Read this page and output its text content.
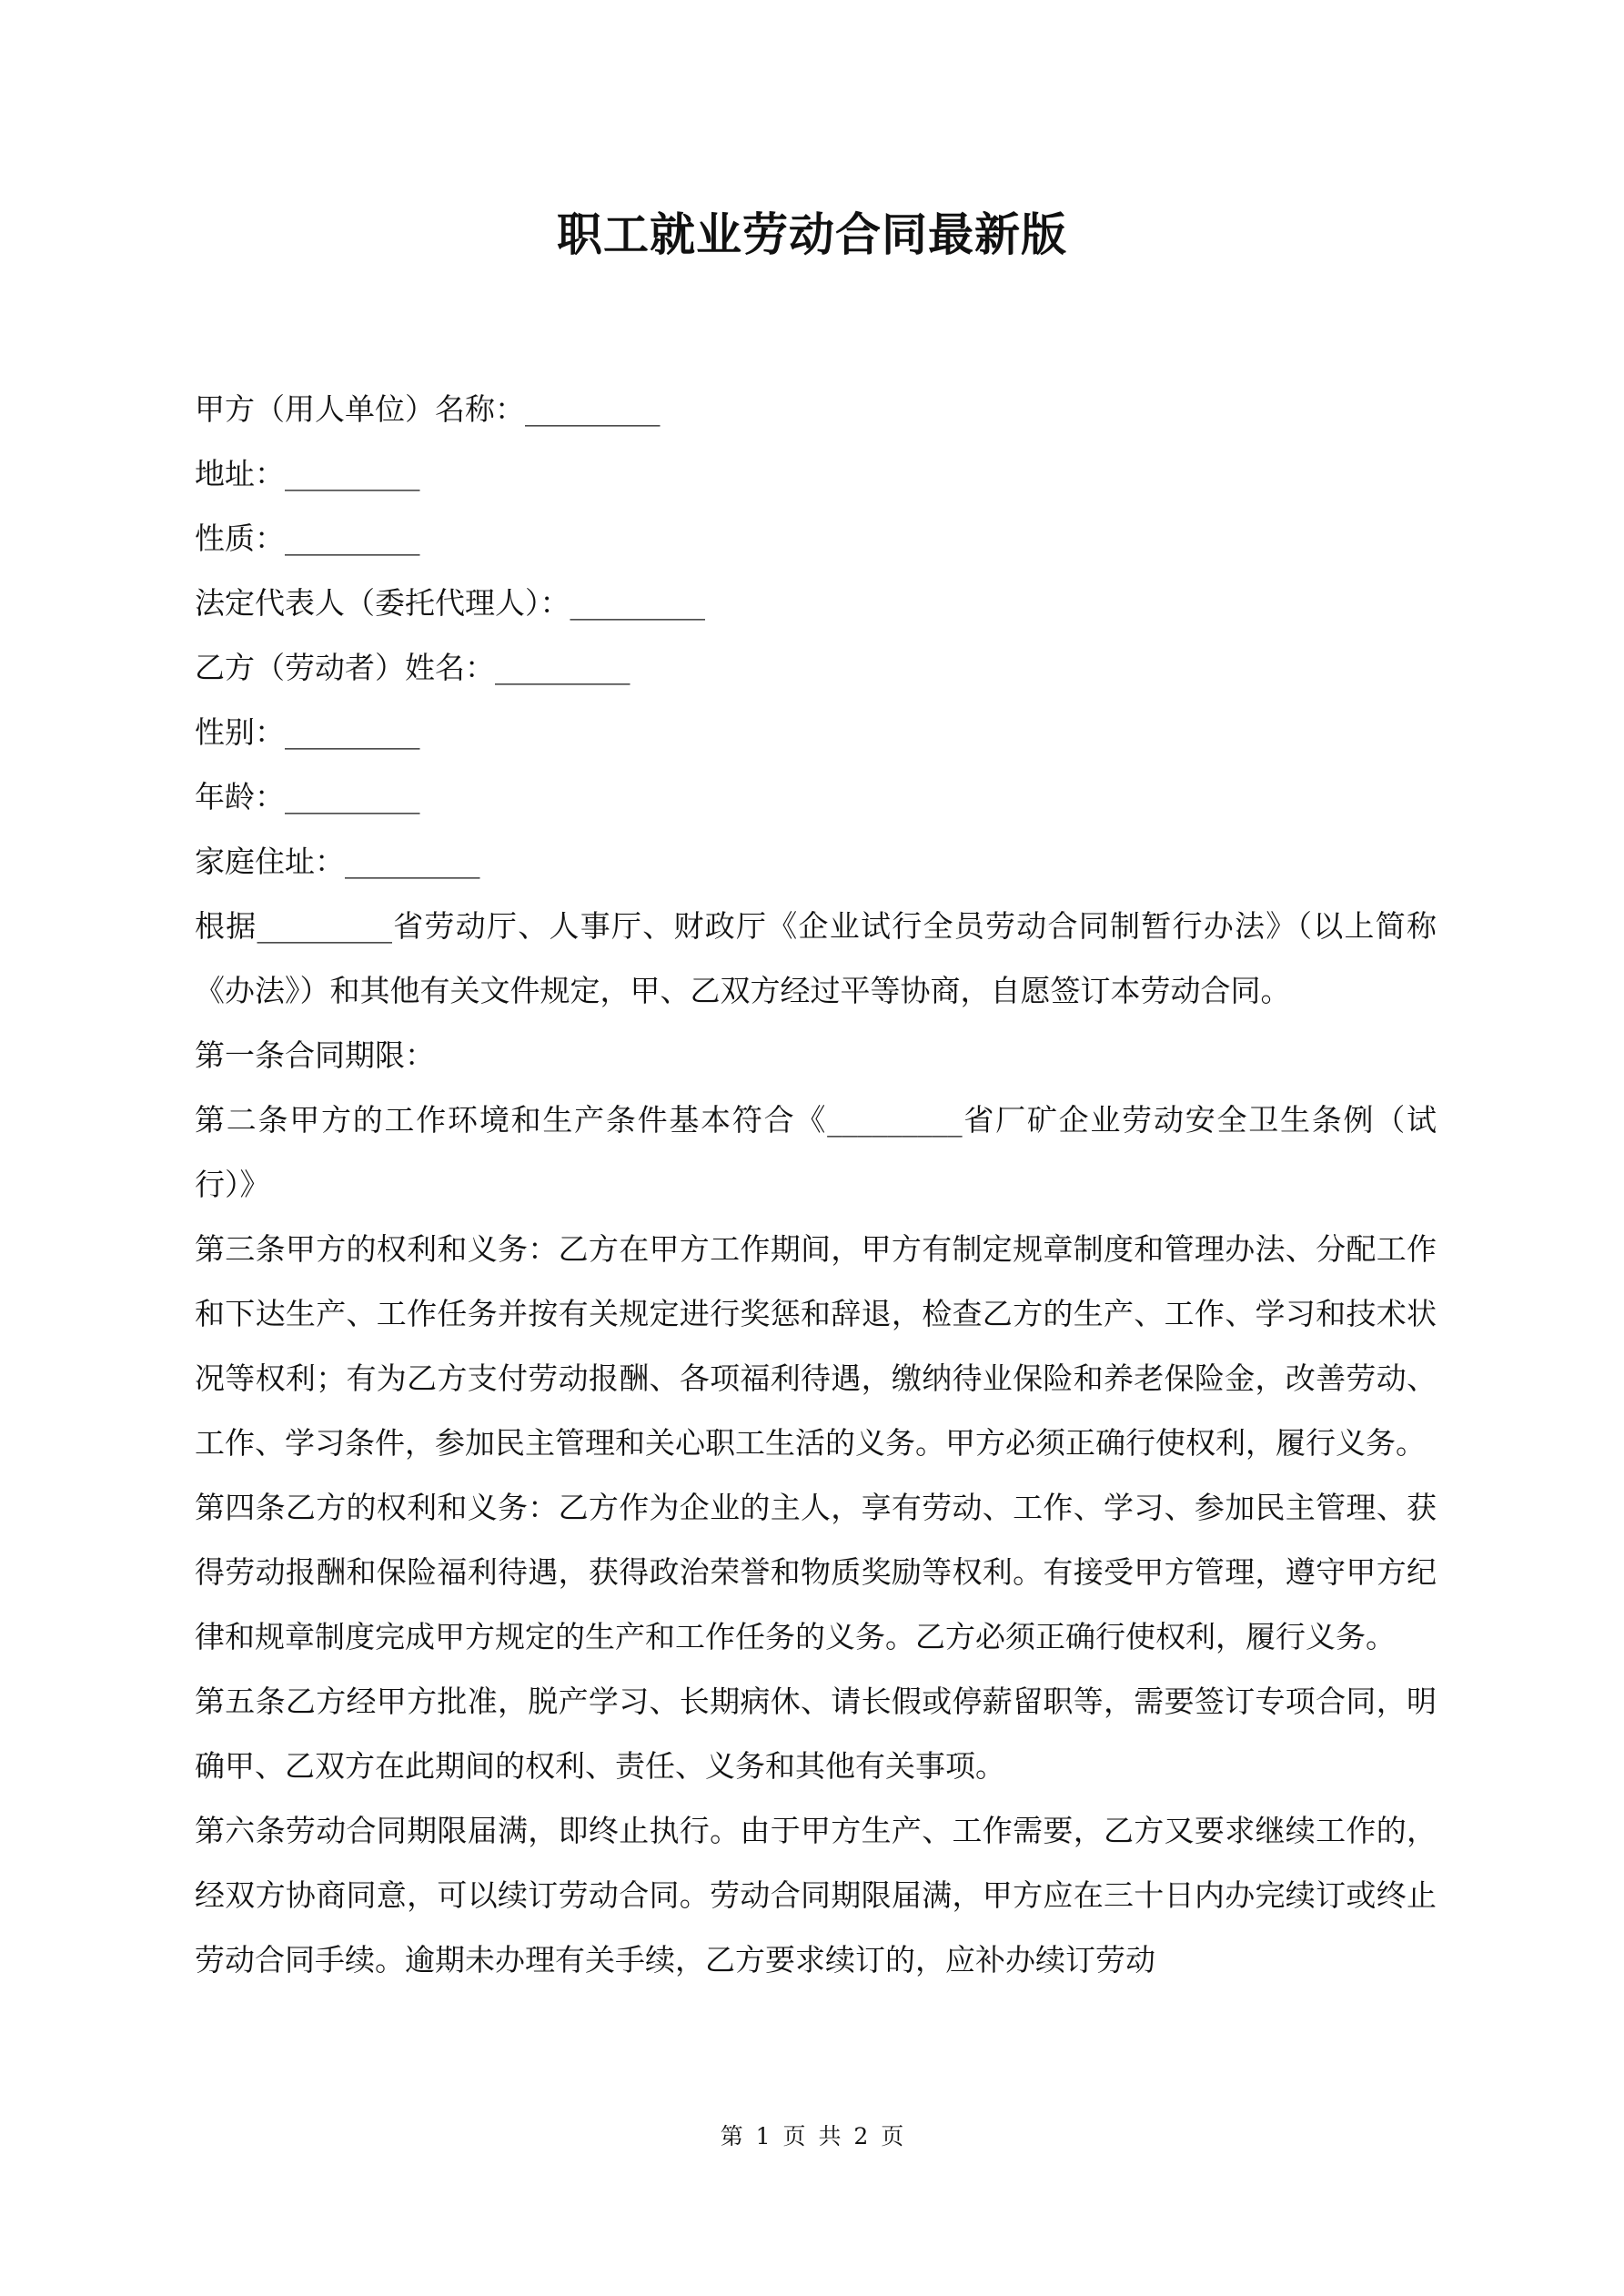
职工就业劳动合同最新版

甲方（用人单位）名称：_________

地址：_________

性质：_________

法定代表人（委托代理人）：_________

乙方（劳动者）姓名：_________

性别：_________

年龄：_________

家庭住址：_________

根据_________省劳动厅、人事厅、财政厅《企业试行全员劳动合同制暂行办法》（以上简称《办法》）和其他有关文件规定，甲、乙双方经过平等协商，自愿签订本劳动合同。

第一条合同期限：

第二条甲方的工作环境和生产条件基本符合《_________省厂矿企业劳动安全卫生条例（试行）》

第三条甲方的权利和义务：乙方在甲方工作期间，甲方有制定规章制度和管理办法、分配工作和下达生产、工作任务并按有关规定进行奖惩和辞退，检查乙方的生产、工作、学习和技术状况等权利；有为乙方支付劳动报酬、各项福利待遇，缴纳待业保险和养老保险金，改善劳动、工作、学习条件，参加民主管理和关心职工生活的义务。甲方必须正确行使权利，履行义务。

第四条乙方的权利和义务：乙方作为企业的主人，享有劳动、工作、学习、参加民主管理、获得劳动报酬和保险福利待遇，获得政治荣誉和物质奖励等权利。有接受甲方管理，遵守甲方纪律和规章制度完成甲方规定的生产和工作任务的义务。乙方必须正确行使权利，履行义务。

第五条乙方经甲方批准，脱产学习、长期病休、请长假或停薪留职等，需要签订专项合同，明确甲、乙双方在此期间的权利、责任、义务和其他有关事项。

第六条劳动合同期限届满，即终止执行。由于甲方生产、工作需要，乙方又要求继续工作的，经双方协商同意，可以续订劳动合同。劳动合同期限届满，甲方应在三十日内办完续订或终止劳动合同手续。逾期未办理有关手续，乙方要求续订的，应补办续订劳动

第 1 页 共 2 页
